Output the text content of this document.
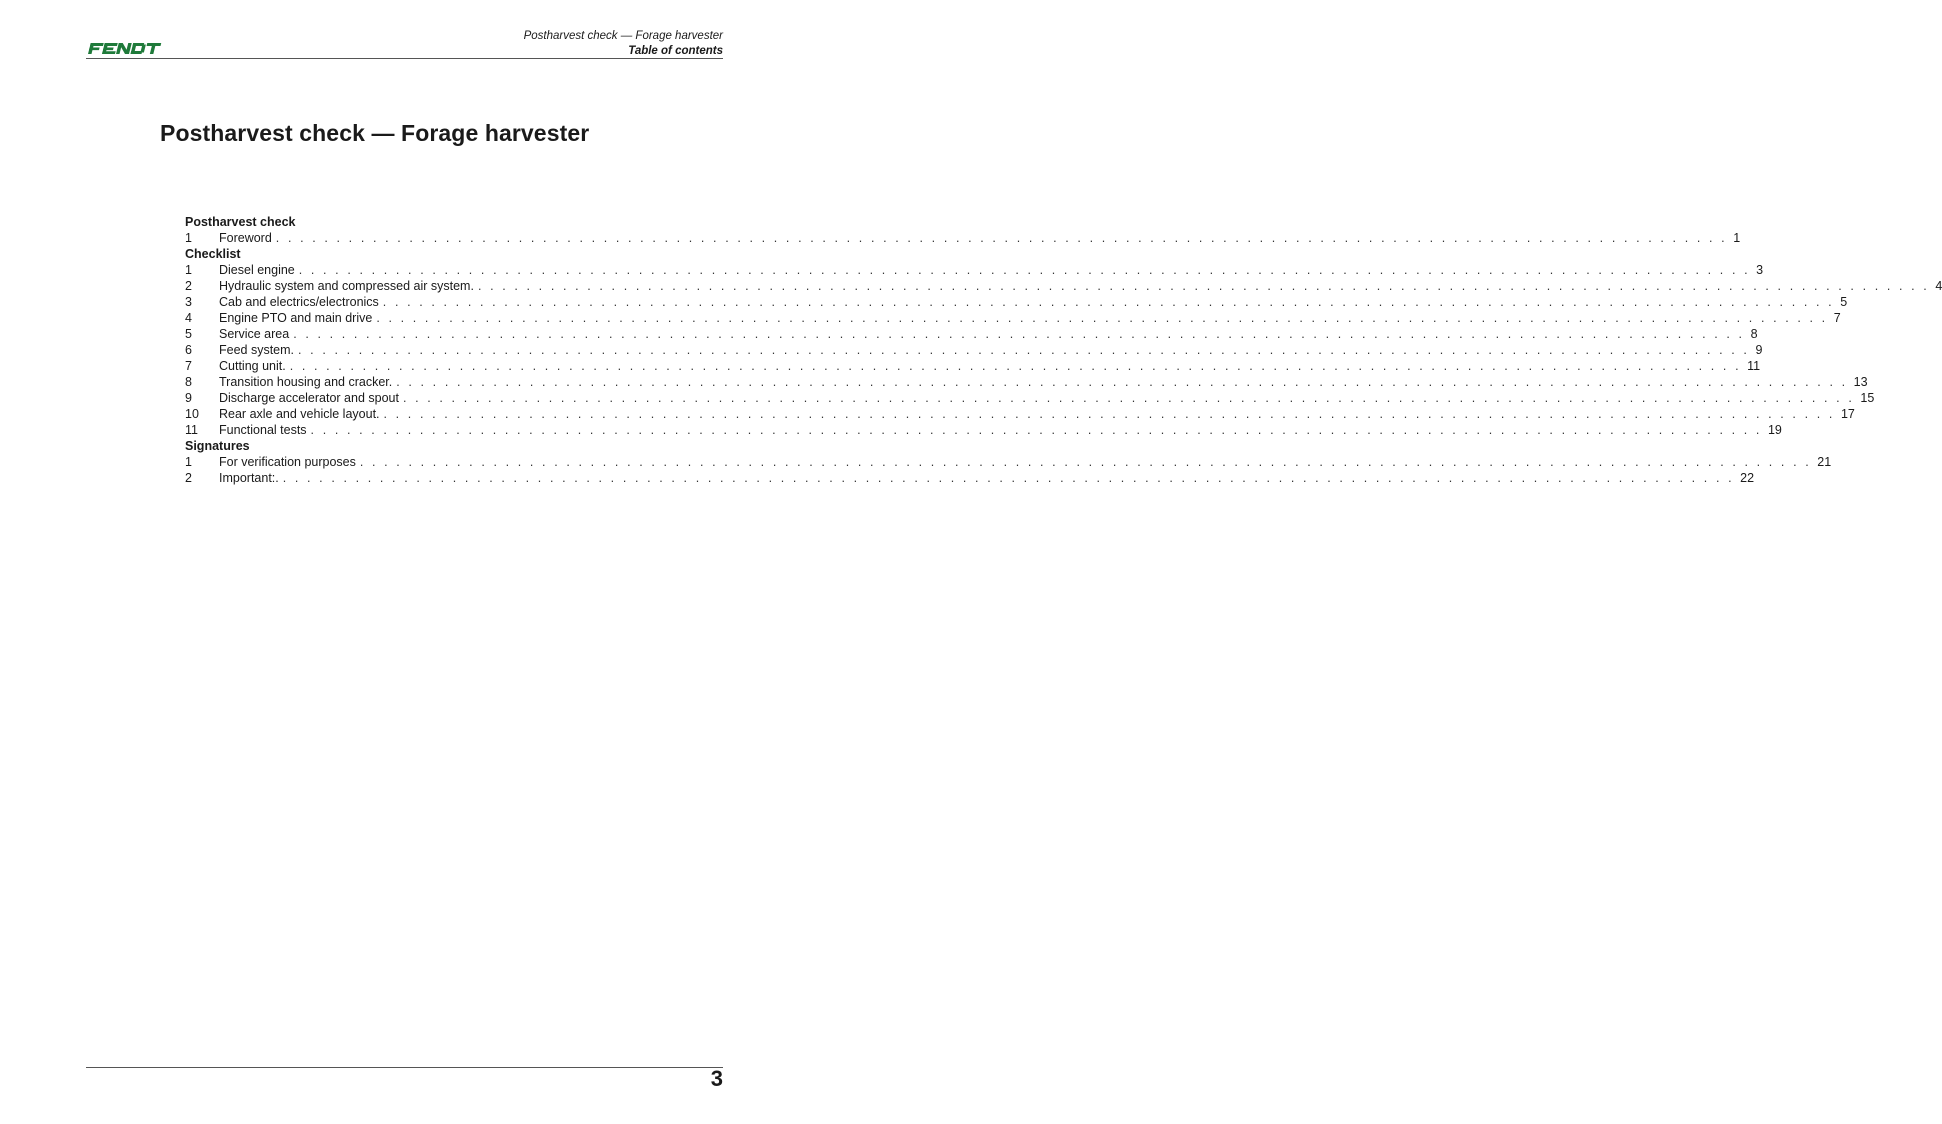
Postharvest check — Forage harvester
Table of contents
Postharvest check — Forage harvester
Postharvest check
1	Foreword . . . . . . . . . . . . . . . . . . . . . . . . . . . . . . . . . . . . . . . . . . . . . . . . . . . . . . . . . . . . . . . . . . . . . . . . . . . . . . . . . . . . . . . . . . . . . . . . . . . . . . . . . . . . . . . . . . . . . . . . 1
Checklist
1	Diesel engine . . . . . . . . . . . . . . . . . . . . . . . . . . . . . . . . . . . . . . . . . . . . . . . . . . . . . . . . . . . . . . . . . . . . . . . . . . . . . . . . . . . . . . . . . . . . . . . . . . . . . . . . . . . . . . . . . . . . . . . . 3
2	Hydraulic system and compressed air system. . . . . . . . . . . . . . . . . . . . . . . . . . . . . . . . . . . . . . . . . . . . . . . . . . . . . . . . . . . . . . . . . . . . . . . . . . . . . . . . . . . . . . . . . . . . . . . . . . . . . . . . . . . . . . . . . . . . . . . . . 4
3	Cab and electrics/electronics . . . . . . . . . . . . . . . . . . . . . . . . . . . . . . . . . . . . . . . . . . . . . . . . . . . . . . . . . . . . . . . . . . . . . . . . . . . . . . . . . . . . . . . . . . . . . . . . . . . . . . . . . . . . . . . . . . . . . . . . 5
4	Engine PTO and main drive . . . . . . . . . . . . . . . . . . . . . . . . . . . . . . . . . . . . . . . . . . . . . . . . . . . . . . . . . . . . . . . . . . . . . . . . . . . . . . . . . . . . . . . . . . . . . . . . . . . . . . . . . . . . . . . . . . . . . . . . 7
5	Service area . . . . . . . . . . . . . . . . . . . . . . . . . . . . . . . . . . . . . . . . . . . . . . . . . . . . . . . . . . . . . . . . . . . . . . . . . . . . . . . . . . . . . . . . . . . . . . . . . . . . . . . . . . . . . . . . . . . . . . . . 8
6	Feed system. . . . . . . . . . . . . . . . . . . . . . . . . . . . . . . . . . . . . . . . . . . . . . . . . . . . . . . . . . . . . . . . . . . . . . . . . . . . . . . . . . . . . . . . . . . . . . . . . . . . . . . . . . . . . . . . . . . . . . . . . 9
7	Cutting unit. . . . . . . . . . . . . . . . . . . . . . . . . . . . . . . . . . . . . . . . . . . . . . . . . . . . . . . . . . . . . . . . . . . . . . . . . . . . . . . . . . . . . . . . . . . . . . . . . . . . . . . . . . . . . . . . . . . . . . . . . 11
8	Transition housing and cracker. . . . . . . . . . . . . . . . . . . . . . . . . . . . . . . . . . . . . . . . . . . . . . . . . . . . . . . . . . . . . . . . . . . . . . . . . . . . . . . . . . . . . . . . . . . . . . . . . . . . . . . . . . . . . . . . . . . . . . . . . 13
9	Discharge accelerator and spout . . . . . . . . . . . . . . . . . . . . . . . . . . . . . . . . . . . . . . . . . . . . . . . . . . . . . . . . . . . . . . . . . . . . . . . . . . . . . . . . . . . . . . . . . . . . . . . . . . . . . . . . . . . . . . . . . . . . . . . . 15
10	Rear axle and vehicle layout. . . . . . . . . . . . . . . . . . . . . . . . . . . . . . . . . . . . . . . . . . . . . . . . . . . . . . . . . . . . . . . . . . . . . . . . . . . . . . . . . . . . . . . . . . . . . . . . . . . . . . . . . . . . . . . . . . . . . . . . . 17
11	Functional tests . . . . . . . . . . . . . . . . . . . . . . . . . . . . . . . . . . . . . . . . . . . . . . . . . . . . . . . . . . . . . . . . . . . . . . . . . . . . . . . . . . . . . . . . . . . . . . . . . . . . . . . . . . . . . . . . . . . . . . . . 19
Signatures
1	For verification purposes . . . . . . . . . . . . . . . . . . . . . . . . . . . . . . . . . . . . . . . . . . . . . . . . . . . . . . . . . . . . . . . . . . . . . . . . . . . . . . . . . . . . . . . . . . . . . . . . . . . . . . . . . . . . . . . . . . . . . . . . 21
2	Important:. . . . . . . . . . . . . . . . . . . . . . . . . . . . . . . . . . . . . . . . . . . . . . . . . . . . . . . . . . . . . . . . . . . . . . . . . . . . . . . . . . . . . . . . . . . . . . . . . . . . . . . . . . . . . . . . . . . . . . . . . 22
3
